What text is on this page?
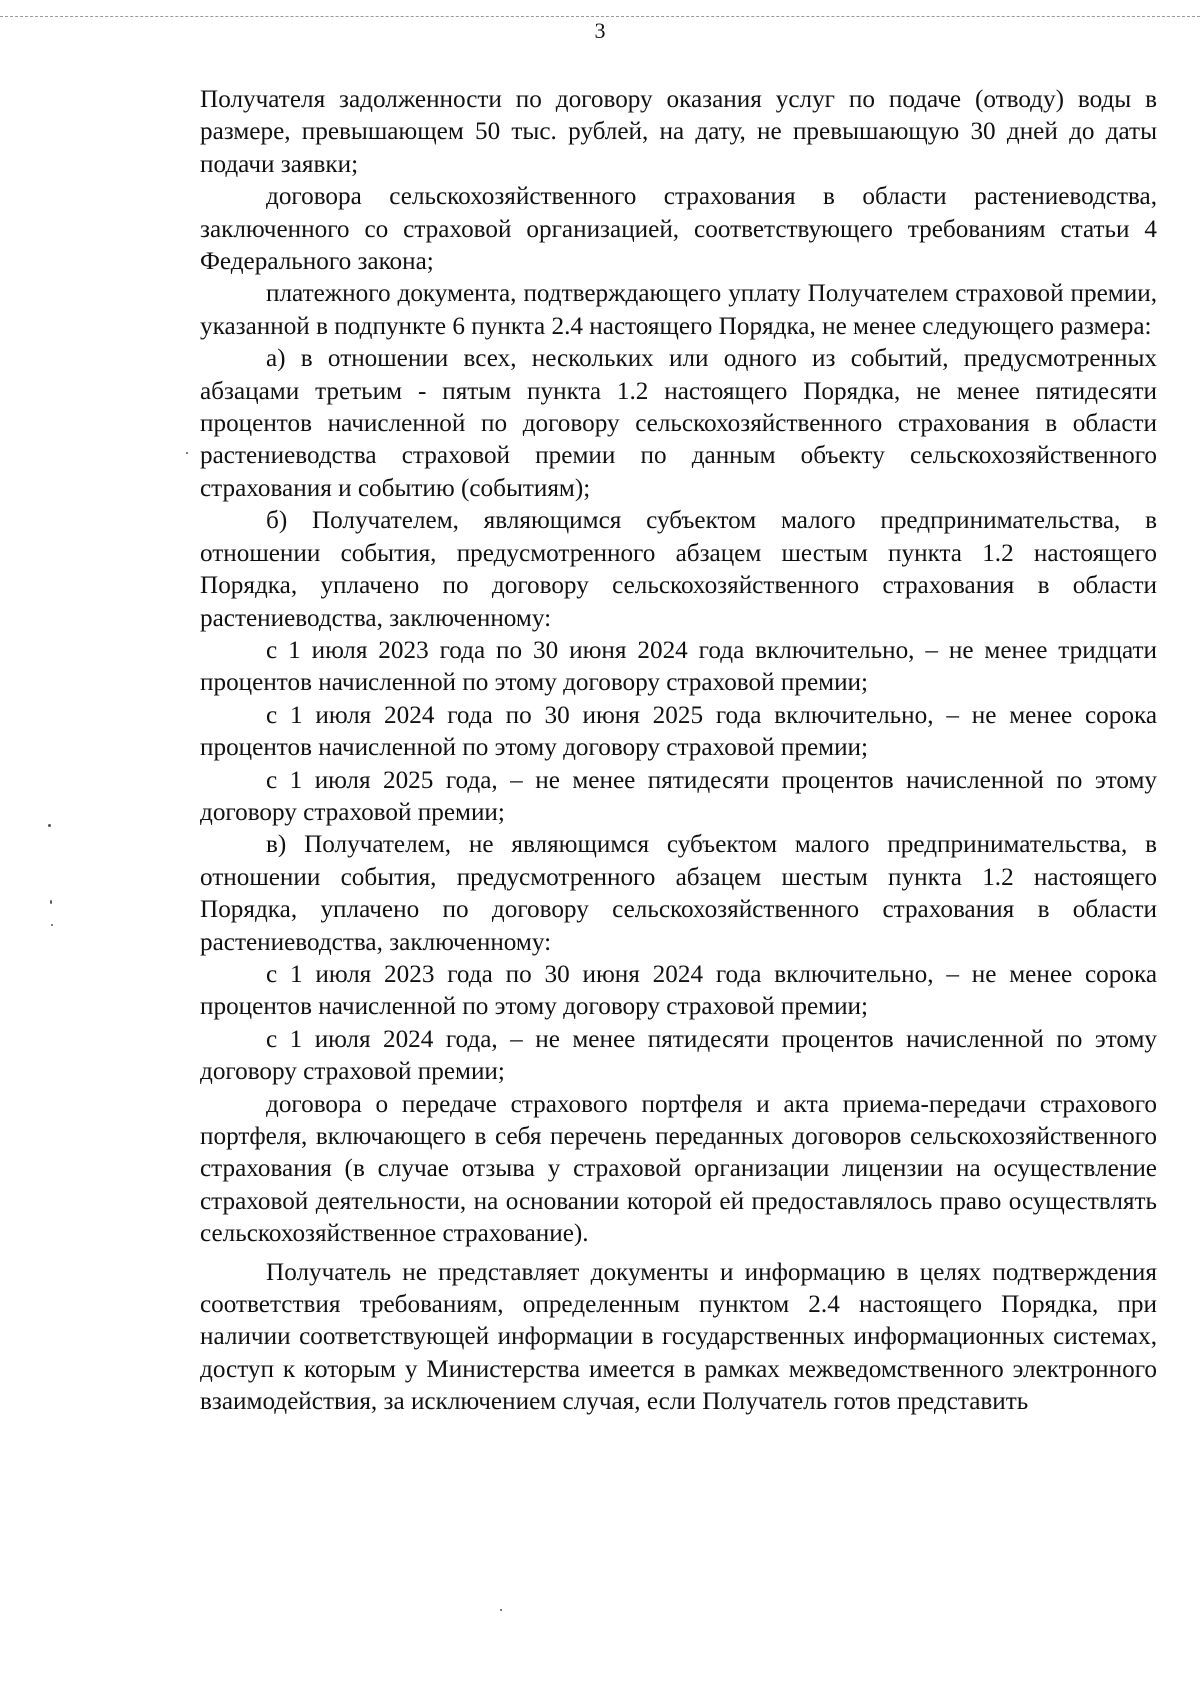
3

Получателя задолженности по договору оказания услуг по подаче (отводу) воды в размере, превышающем 50 тыс. рублей, на дату, не превышающую 30 дней до даты подачи заявки;

договора сельскохозяйственного страхования в области растениеводства, заключенного со страховой организацией, соответствующего требованиям статьи 4 Федерального закона;

платежного документа, подтверждающего уплату Получателем страховой премии, указанной в подпункте 6 пункта 2.4 настоящего Порядка, не менее следующего размера:

а) в отношении всех, нескольких или одного из событий, предусмотренных абзацами третьим - пятым пункта 1.2 настоящего Порядка, не менее пятидесяти процентов начисленной по договору сельскохозяйственного страхования в области растениеводства страховой премии по данным объекту сельскохозяйственного страхования и событию (событиям);

б) Получателем, являющимся субъектом малого предпринимательства, в отношении события, предусмотренного абзацем шестым пункта 1.2 настоящего Порядка, уплачено по договору сельскохозяйственного страхования в области растениеводства, заключенному:

с 1 июля 2023 года по 30 июня 2024 года включительно, – не менее тридцати процентов начисленной по этому договору страховой премии;

с 1 июля 2024 года по 30 июня 2025 года включительно, – не менее сорока процентов начисленной по этому договору страховой премии;

с 1 июля 2025 года, – не менее пятидесяти процентов начисленной по этому договору страховой премии;

в) Получателем, не являющимся субъектом малого предпринимательства, в отношении события, предусмотренного абзацем шестым пункта 1.2 настоящего Порядка, уплачено по договору сельскохозяйственного страхования в области растениеводства, заключенному:

с 1 июля 2023 года по 30 июня 2024 года включительно, – не менее сорока процентов начисленной по этому договору страховой премии;

с 1 июля 2024 года, – не менее пятидесяти процентов начисленной по этому договору страховой премии;

договора о передаче страхового портфеля и акта приема-передачи страхового портфеля, включающего в себя перечень переданных договоров сельскохозяйственного страхования (в случае отзыва у страховой организации лицензии на осуществление страховой деятельности, на основании которой ей предоставлялось право осуществлять сельскохозяйственное страхование).

Получатель не представляет документы и информацию в целях подтверждения соответствия требованиям, определенным пунктом 2.4 настоящего Порядка, при наличии соответствующей информации в государственных информационных системах, доступ к которым у Министерства имеется в рамках межведомственного электронного взаимодействия, за исключением случая, если Получатель готов представить
